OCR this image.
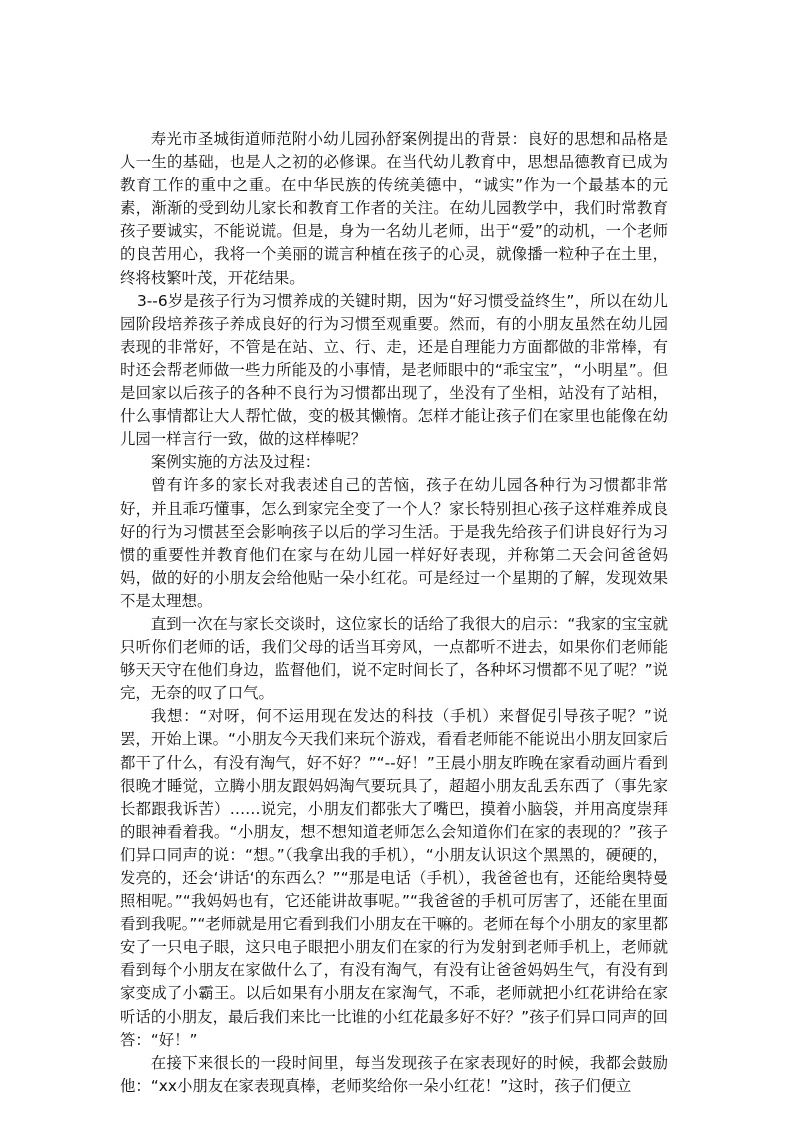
寿光市圣城街道师范附小幼儿园孙舒案例提出的背景：良好的思想和品格是人一生的基础，也是人之初的必修课。在当代幼儿教育中，思想品德教育已成为教育工作的重中之重。在中华民族的传统美德中，“诚实”作为一个最基本的元素，渐渐的受到幼儿家长和教育工作者的关注。在幼儿园教学中，我们时常教育孩子要诚实，不能说谎。但是，身为一名幼儿老师，出于“爱”的动机，一个老师的良苦用心，我将一个美丽的谎言种植在孩子的心灵，就像播一粒种子在土里，终将枝繁叶茂，开花结果。

3--6岁是孩子行为习惯养成的关键时期，因为“好习惯受益终生”，所以在幼儿园阶段培养孩子养成良好的行为习惯至观重要。然而，有的小朋友虽然在幼儿园表现的非常好，不管是在站、立、行、走，还是自理能力方面都做的非常棒，有时还会帮老师做一些力所能及的小事情，是老师眼中的“乖宝宝”，“小明星”。但是回家以后孩子的各种不良行为习惯都出现了，坐没有了坐相，站没有了站相，什么事情都让大人帮忙做，变的极其懒惰。怎样才能让孩子们在家里也能像在幼儿园一样言行一致，做的这样棒呢？

案例实施的方法及过程：

曾有许多的家长对我表述自己的苦恼，孩子在幼儿园各种行为习惯都非常好，并且乖巧懂事，怎么到家完全变了一个人？家长特别担心孩子这样难养成良好的行为习惯甚至会影响孩子以后的学习生活。于是我先给孩子们讲良好行为习惯的重要性并教育他们在家与在幼儿园一样好好表现，并称第二天会问爸爸妈妈，做的好的小朋友会给他贴一朵小红花。可是经过一个星期的了解，发现效果不是太理想。

直到一次在与家长交谈时，这位家长的话给了我很大的启示：“我家的宝宝就只听你们老师的话，我们父母的话当耳旁风，一点都听不进去，如果你们老师能够天天守在他们身边，监督他们，说不定时间长了，各种坏习惯都不见了呢？”说完，无奈的叹了口气。

我想：“对呀，何不运用现在发达的科技（手机）来督促引导孩子呢？”说罢，开始上课。“小朋友今天我们来玩个游戏，看看老师能不能说出小朋友回家后都干了什么，有没有淘气，好不好？”“--好！”王晨小朋友昨晚在家看动画片看到很晚才睡觉，立腾小朋友跟妈妈淘气要玩具了，超超小朋友乱丢东西了（事先家长都跟我诉苦）……说完，小朋友们都张大了嘴巴，摸着小脑袋，并用高度崇拜的眼神看着我。“小朋友，想不想知道老师怎么会知道你们在家的表现的？”孩子们异口同声的说：“想。”（我拿出我的手机），“小朋友认识这个黑黑的，硬硬的，发亮的，还会‘讲话‘的东西么？”“那是电话（手机），我爸爸也有，还能给奥特曼照相呢。”“我妈妈也有，它还能讲故事呢。”“我爸爸的手机可厉害了，还能在里面看到我呢。”“老师就是用它看到我们小朋友在干嘛的。老师在每个小朋友的家里都安了一只电子眼，这只电子眼把小朋友们在家的行为发射到老师手机上，老师就看到每个小朋友在家做什么了，有没有淘气，有没有让爸爸妈妈生气，有没有到家变成了小霸王。以后如果有小朋友在家淘气，不乖，老师就把小红花讲给在家听话的小朋友，最后我们来比一比谁的小红花最多好不好？”孩子们异口同声的回答：“好！”

在接下来很长的一段时间里，每当发现孩子在家表现好的时候，我都会鼓励他：“xx小朋友在家表现真棒，老师奖给你一朵小红花！”这时，孩子们便立
